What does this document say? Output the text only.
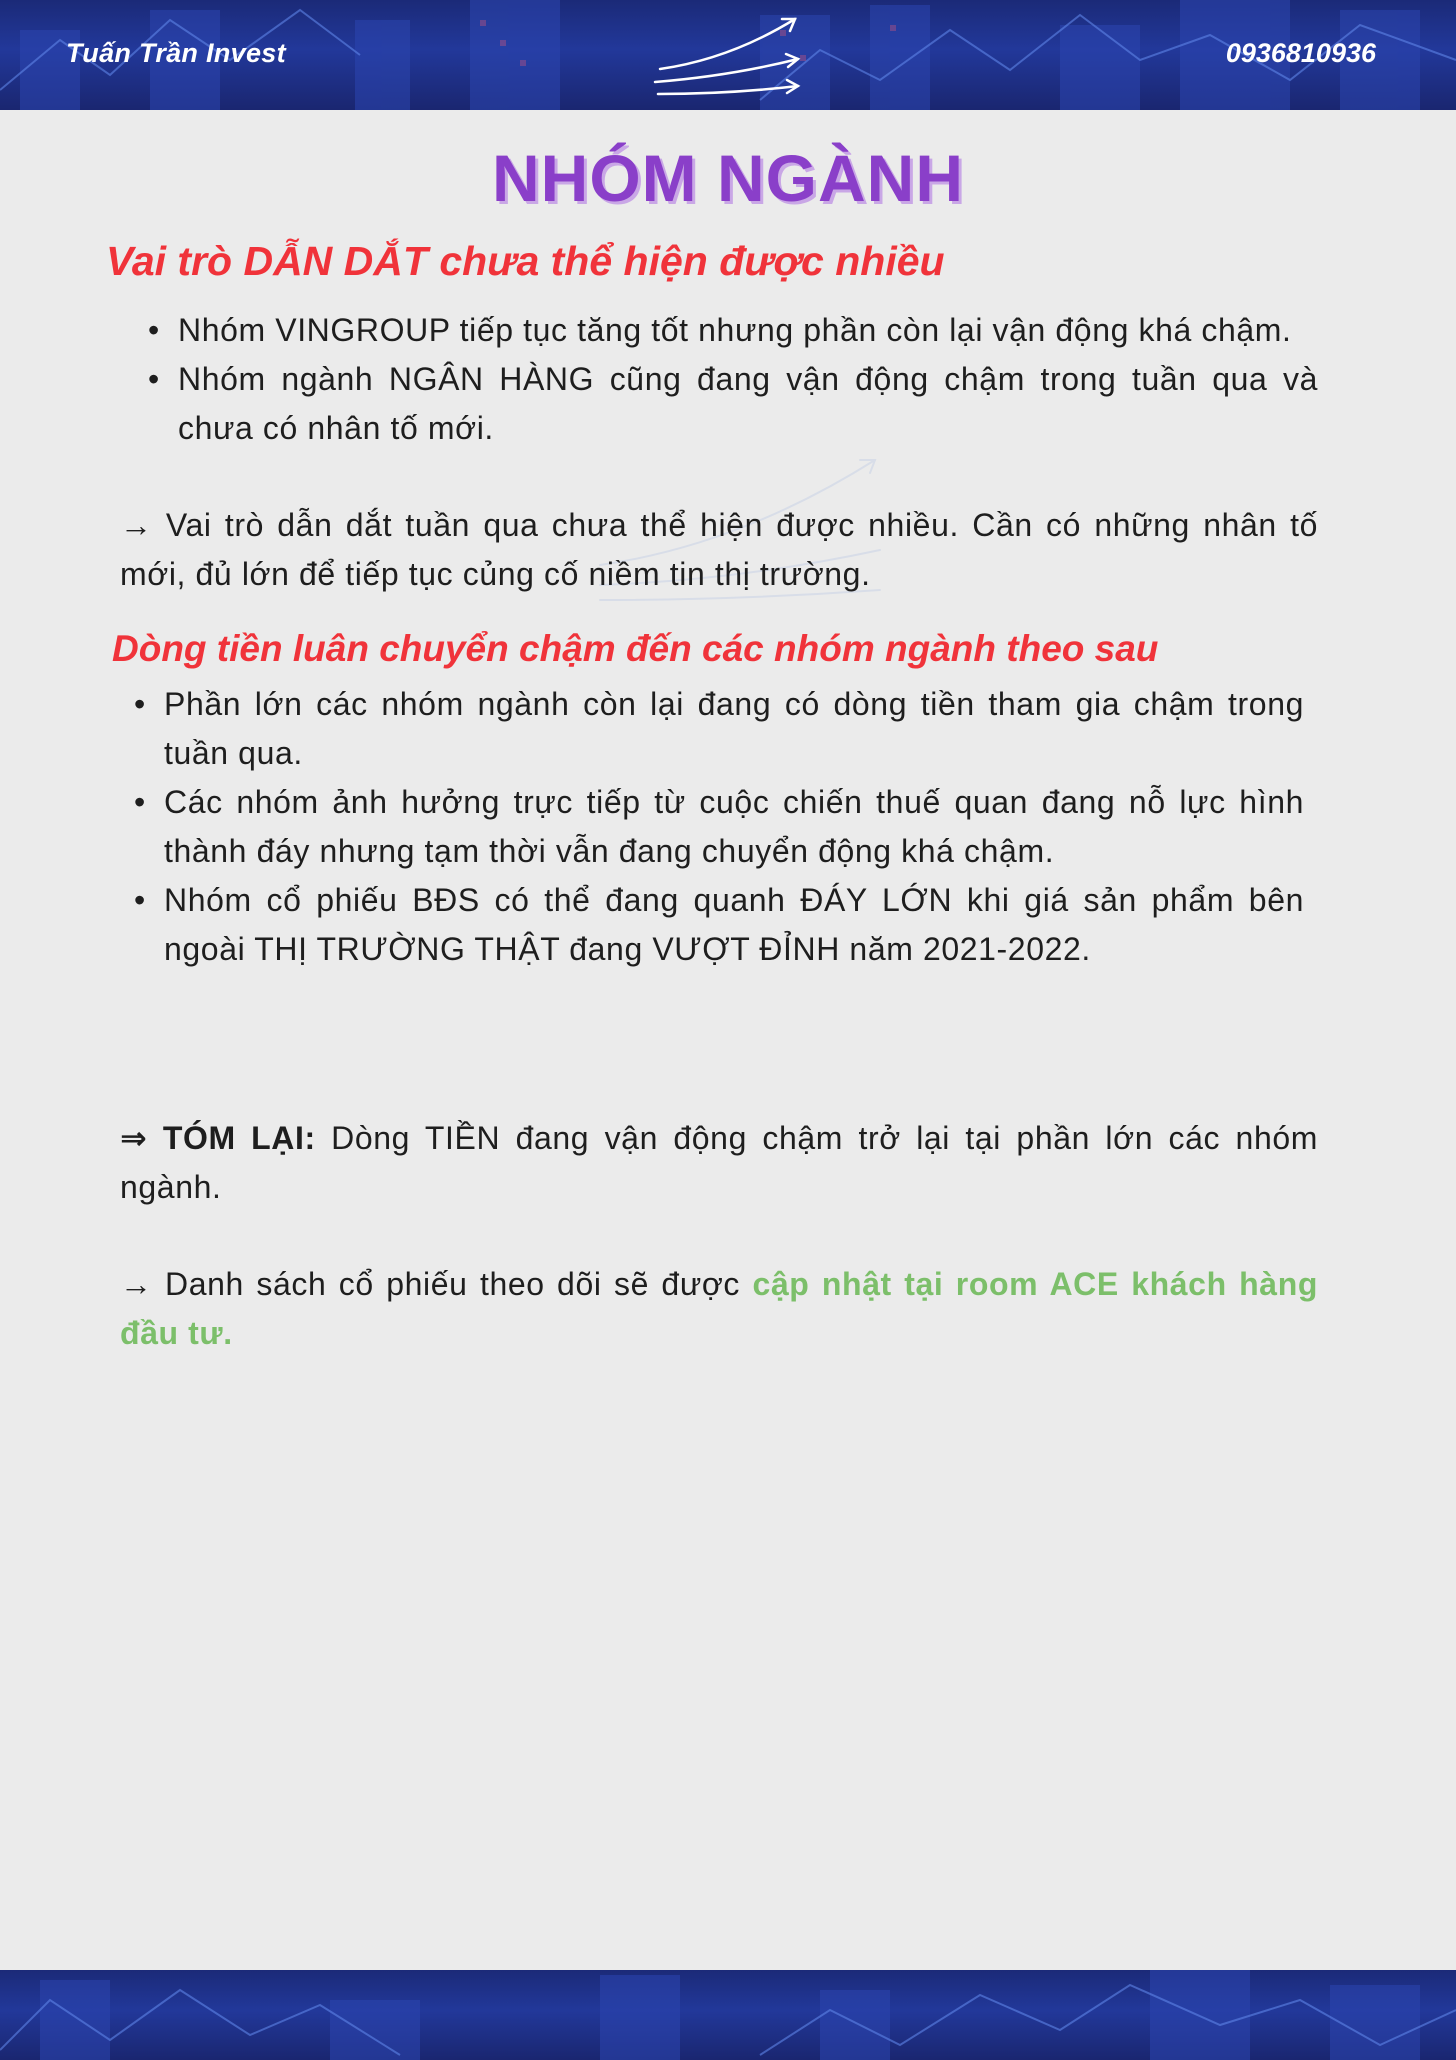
Tuấn Trần Invest	0936810936

NHÓM NGÀNH
Vai trò DẪN DẮT chưa thể hiện được nhiều
• Nhóm VINGROUP tiếp tục tăng tốt nhưng phần còn lại vận động khá chậm.
• Nhóm ngành NGÂN HÀNG cũng đang vận động chậm trong tuần qua và chưa có nhân tố mới.

→ Vai trò dẫn dắt tuần qua chưa thể hiện được nhiều. Cần có những nhân tố mới, đủ lớn để tiếp tục củng cố niềm tin thị trường.

Dòng tiền luân chuyển chậm đến các nhóm ngành theo sau
• Phần lớn các nhóm ngành còn lại đang có dòng tiền tham gia chậm trong tuần qua.
• Các nhóm ảnh hưởng trực tiếp từ cuộc chiến thuế quan đang nỗ lực hình thành đáy nhưng tạm thời vẫn đang chuyển động khá chậm.
• Nhóm cổ phiếu BĐS có thể đang quanh ĐÁY LỚN khi giá sản phẩm bên ngoài THỊ TRƯỜNG THẬT đang VƯỢT ĐỈNH năm 2021-2022.

⇒ TÓM LẠI: Dòng TIỀN đang vận động chậm trở lại tại phần lớn các nhóm ngành.

→ Danh sách cổ phiếu theo dõi sẽ được cập nhật tại room ACE khách hàng đầu tư.
